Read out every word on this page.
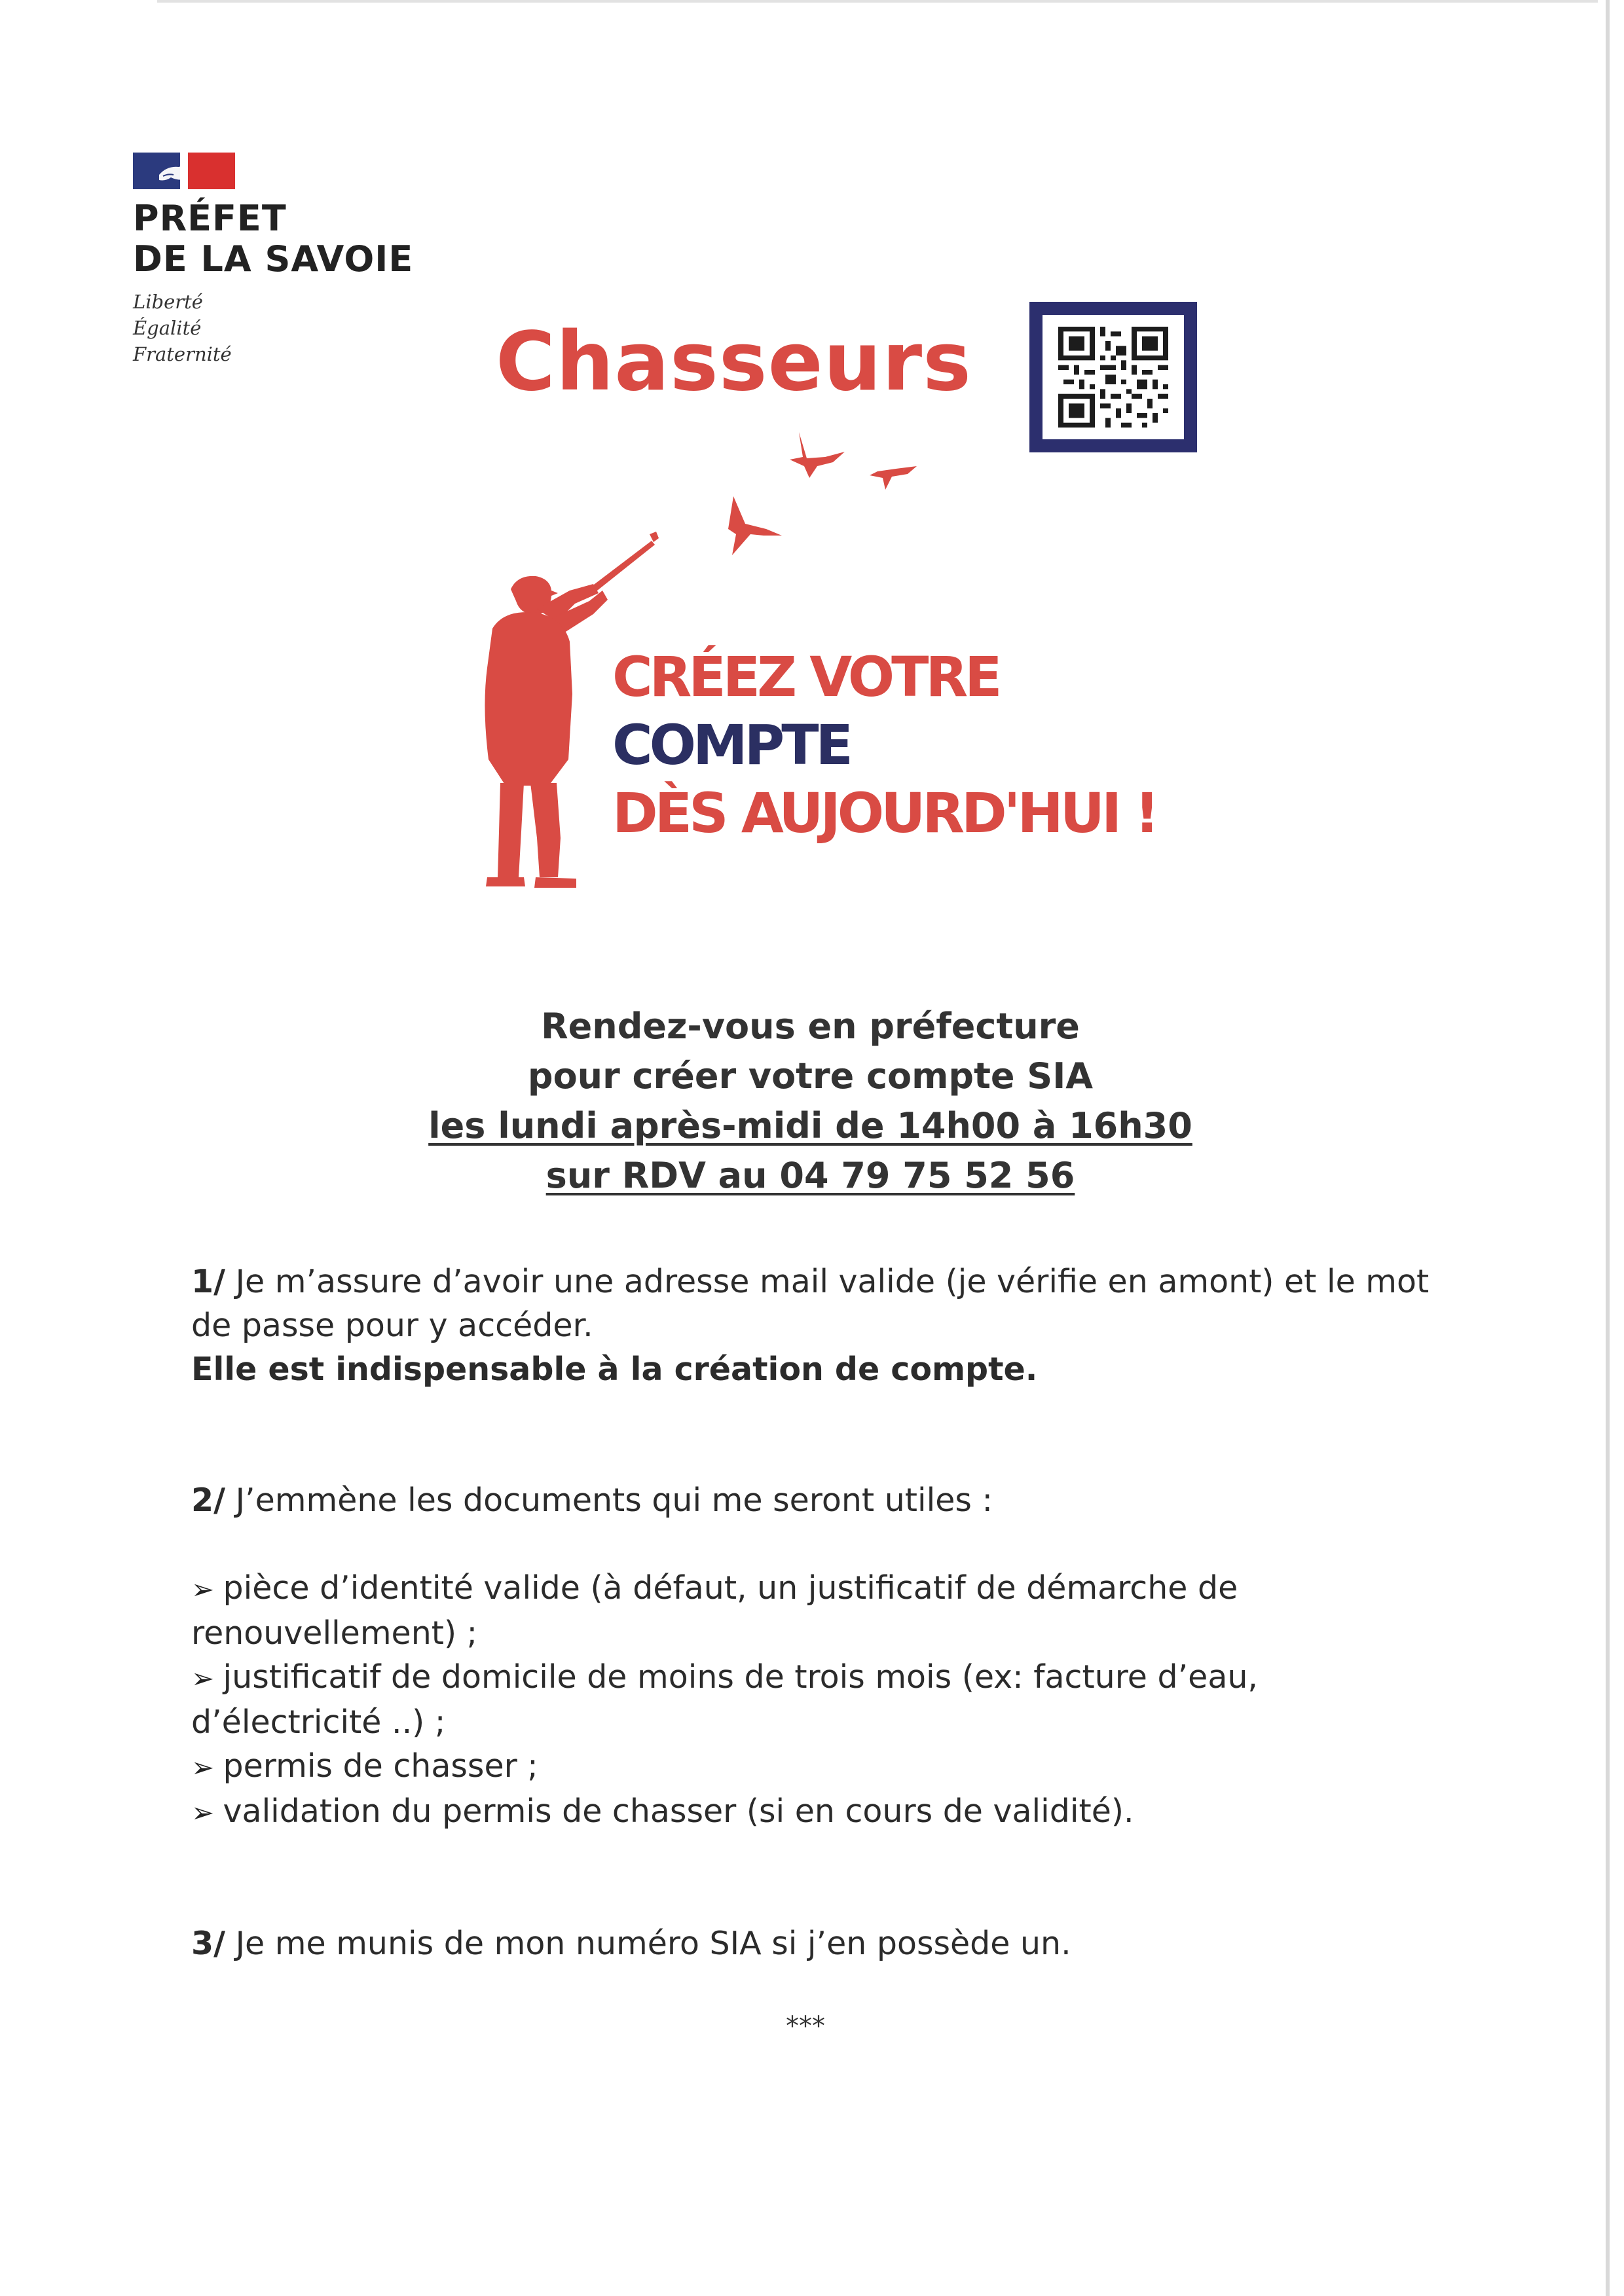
PRÉFET
DE LA SAVOIE
Liberté
Égalité
Fraternité	Chasseurs
CRÉEZ VOTRE
COMPTE
DÈS AUJOURD'HUI !
Rendez-vous en préfecture
pour créer votre compte SIA
les lundi après-midi de 14h00 à 16h30
sur RDV au 04 79 75 52 56
1/ Je m’assure d’avoir une adresse mail valide (je vérifie en amont) et le mot de passe pour y accéder.
Elle est indispensable à la création de compte.
2/ J’emmène les documents qui me seront utiles :
➢ pièce d’identité valide (à défaut, un justificatif de démarche de renouvellement) ;
➢ justificatif de domicile de moins de trois mois (ex: facture d’eau, d’électricité ..) ;
➢ permis de chasser ;
➢ validation du permis de chasser (si en cours de validité).
3/ Je me munis de mon numéro SIA si j’en possède un.
***
